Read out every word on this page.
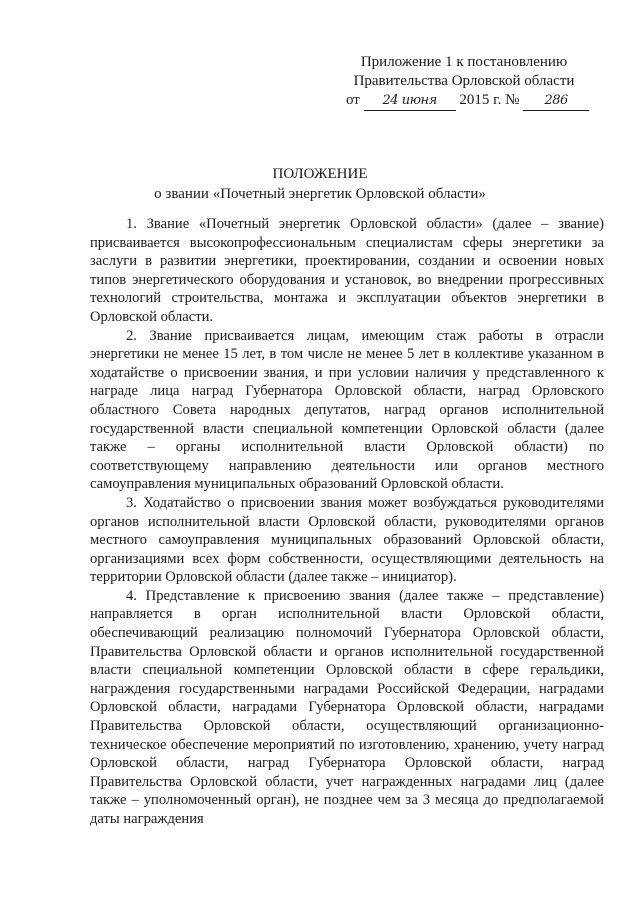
Приложение 1 к постановлению
Правительства Орловской области
от 24 июня 2015 г. № 286
ПОЛОЖЕНИЕ
о звании «Почетный энергетик Орловской области»

1. Звание «Почетный энергетик Орловской области» (далее – звание) присваивается высокопрофессиональным специалистам сферы энергетики за заслуги в развитии энергетики, проектировании, создании и освоении новых типов энергетического оборудования и установок, во внедрении прогрессивных технологий строительства, монтажа и эксплуатации объектов энергетики в Орловской области.

2. Звание присваивается лицам, имеющим стаж работы в отрасли энергетики не менее 15 лет, в том числе не менее 5 лет в коллективе указанном в ходатайстве о присвоении звания, и при условии наличия у представленного к награде лица наград Губернатора Орловской области, наград Орловского областного Совета народных депутатов, наград органов исполнительной государственной власти специальной компетенции Орловской области (далее также – органы исполнительной власти Орловской области) по соответствующему направлению деятельности или органов местного самоуправления муниципальных образований Орловской области.

3. Ходатайство о присвоении звания может возбуждаться руководителями органов исполнительной власти Орловской области, руководителями органов местного самоуправления муниципальных образований Орловской области, организациями всех форм собственности, осуществляющими деятельность на территории Орловской области (далее также – инициатор).

4. Представление к присвоению звания (далее также – представление) направляется в орган исполнительной власти Орловской области, обеспечивающий реализацию полномочий Губернатора Орловской области, Правительства Орловской области и органов исполнительной государственной власти специальной компетенции Орловской области в сфере геральдики, награждения государственными наградами Российской Федерации, наградами Орловской области, наградами Губернатора Орловской области, наградами Правительства Орловской области, осуществляющий организационно-техническое обеспечение мероприятий по изготовлению, хранению, учету наград Орловской области, наград Губернатора Орловской области, наград Правительства Орловской области, учет награжденных наградами лиц (далее также – уполномоченный орган), не позднее чем за 3 месяца до предполагаемой даты награждения
